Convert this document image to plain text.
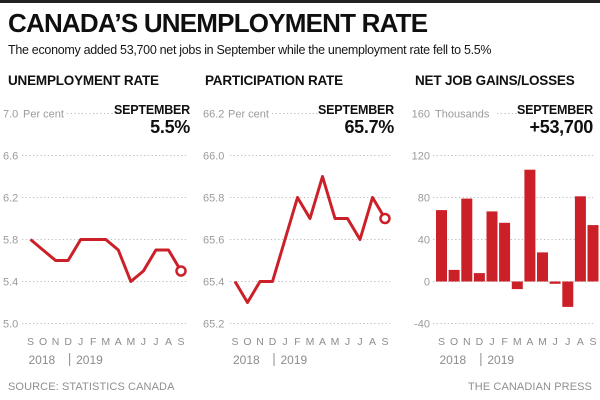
CANADA’S UNEMPLOYMENT RATE

The economy added 53,700 net jobs in September while the unemployment rate fell to 5.5%

UNEMPLOYMENT RATE
SEPTEMBER
5.5%
7.0 Per cent
6.6
6.2
5.8
5.4
5.0
S O N D J F M A M J J A S
2018 2019
PARTICIPATION RATE
SEPTEMBER
65.7%
66.2 Per cent
66.0
65.8
65.6
65.4
65.2
S O N D J F M A M J J A S
2018 2019
NET JOB GAINS/LOSSES
SEPTEMBER
+53,700
160 Thousands
120
80
40
0
-40
S O N D J F M A M J J A S
2018 2019
SOURCE: STATISTICS CANADA	THE CANADIAN PRESS
